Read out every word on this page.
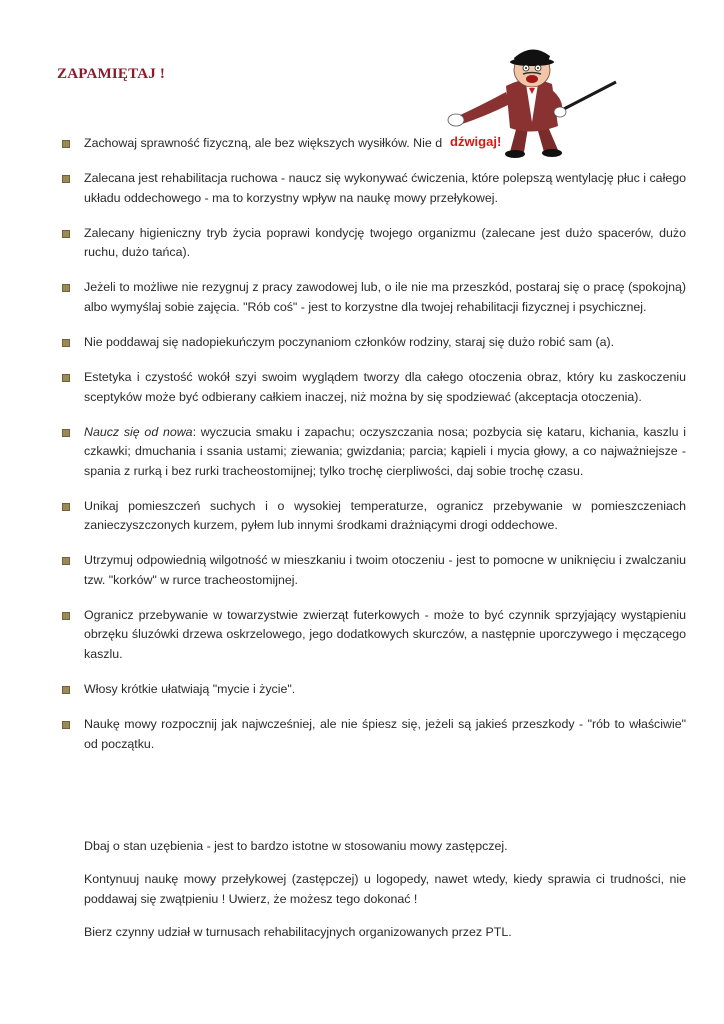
ZAPAMIĘTAJ !
dźwigaj!
Zachowaj sprawność fizyczną, ale bez większych wysiłków. Nie d
Zalecana jest rehabilitacja ruchowa - naucz się wykonywać ćwiczenia, które polepszą wentylację płuc i całego układu oddechowego - ma to korzystny wpływ na naukę mowy przełykowej.
Zalecany higieniczny tryb życia poprawi kondycję twojego organizmu (zalecane jest dużo spacerów, dużo ruchu, dużo tańca).
Jeżeli to możliwe nie rezygnuj z pracy zawodowej lub, o ile nie ma przeszkód, postaraj się o pracę (spokojną) albo wymyślaj sobie zajęcia. "Rób coś" - jest to korzystne dla twojej rehabilitacji fizycznej i psychicznej.
Nie poddawaj się nadopiekuńczym poczynaniom członków rodziny, staraj się dużo robić sam (a).
Estetyka i czystość wokół szyi swoim wyglądem tworzy dla całego otoczenia obraz, który ku zaskoczeniu sceptyków może być odbierany całkiem inaczej, niż można by się spodziewać (akceptacja otoczenia).
Naucz się od nowa: wyczucia smaku i zapachu; oczyszczania nosa; pozbycia się kataru, kichania, kaszlu i czkawki; dmuchania i ssania ustami; ziewania; gwizdania; parcia; kąpieli i mycia głowy, a co najważniejsze - spania z rurką i bez rurki tracheostomijnej; tylko trochę cierpliwości, daj sobie trochę czasu.
Unikaj pomieszczeń suchych i o wysokiej temperaturze, ogranicz przebywanie w pomieszczeniach zanieczyszczonych kurzem, pyłem lub innymi środkami drażniącymi drogi oddechowe.
Utrzymuj odpowiednią wilgotność w mieszkaniu i twoim otoczeniu - jest to pomocne w uniknięciu i zwalczaniu tzw. "korków" w rurce tracheostomijnej.
Ogranicz przebywanie w towarzystwie zwierząt futerkowych - może to być czynnik sprzyjający wystąpieniu obrzęku śluzówki drzewa oskrzelowego, jego dodatkowych skurczów, a następnie uporczywego i męczącego kaszlu.
Włosy krótkie ułatwiają "mycie i życie".
Naukę mowy rozpocznij jak najwcześniej, ale nie śpiesz się, jeżeli są jakieś przeszkody - "rób to właściwie" od początku.

Dbaj o stan uzębienia - jest to bardzo istotne w stosowaniu mowy zastępczej.

Kontynuuj naukę mowy przełykowej (zastępczej) u logopedy, nawet wtedy, kiedy sprawia ci trudności, nie poddawaj się zwątpieniu ! Uwierz, że możesz tego dokonać !

Bierz czynny udział w turnusach rehabilitacyjnych organizowanych przez PTL.
